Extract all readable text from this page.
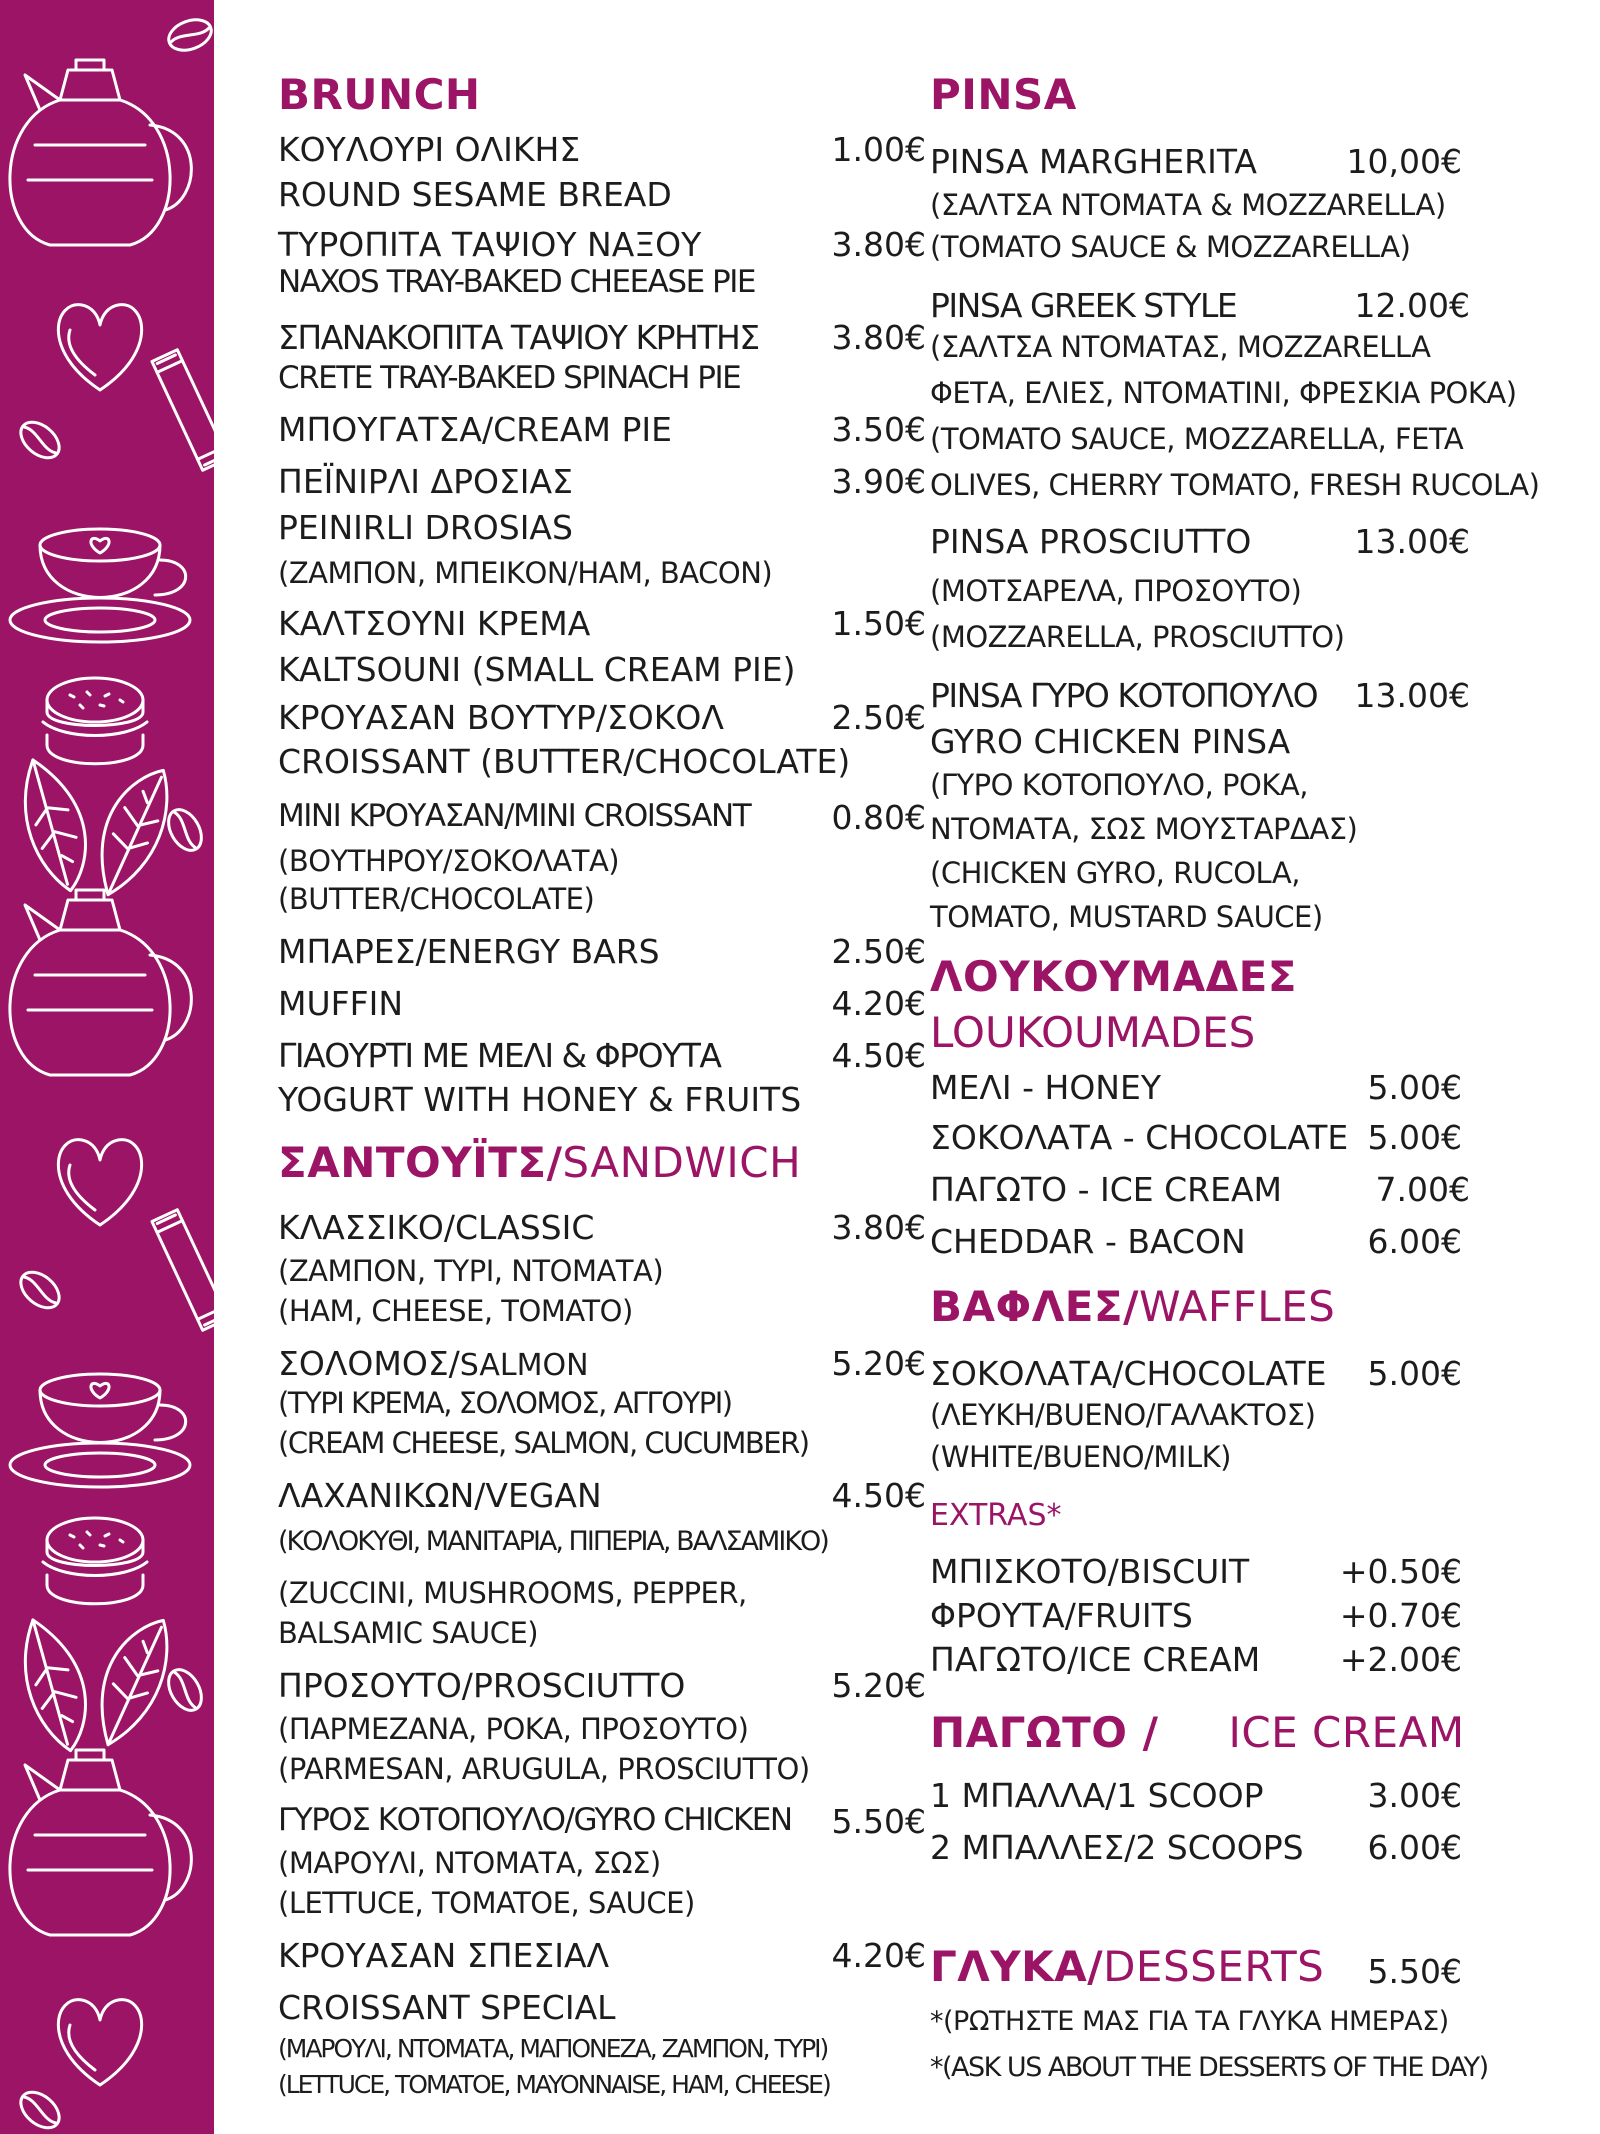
BRUNCH
ΚΟΥΛΟΥΡΙ ΟΛΙΚΗΣ	1.00€
ROUND SESAME BREAD
ΤΥΡΟΠΙΤΑ ΤΑΨΙΟΥ ΝΑΞΟΥ	3.80€
NAXOS TRAY-BAKED CHEEASE PIE
ΣΠΑΝΑΚΟΠΙΤΑ ΤΑΨΙΟΥ ΚΡΗΤΗΣ 3.80€
CRETE TRAY-BAKED SPINACH PIE
ΜΠΟΥΓΑΤΣΑ/CREAM PIE	3.50€
ΠΕΪΝΙΡΛΙ ΔΡΟΣΙΑΣ	3.90€
PEINIRLI DROSIAS
(ΖΑΜΠΟΝ, ΜΠΕΙΚΟΝ/HAM, BACON)
ΚΑΛΤΣΟΥΝΙ ΚΡΕΜΑ	1.50€
KALTSOUNI (SMALL CREAM PIE)
ΚΡΟΥΑΣΑΝ ΒΟΥΤΥΡ/ΣΟΚΟΛ	2.50€
CROISSANT (BUTTER/CHOCOLATE)
ΜΙΝΙ ΚΡΟΥΑΣΑΝ/MINI CROISSANT 0.80€
(ΒΟΥΤΗΡΟΥ/ΣΟΚΟΛΑΤΑ)
(BUTTER/CHOCOLATE)
ΜΠΑΡΕΣ/ENERGY BARS	2.50€
MUFFIN	4.20€
ΓΙΑΟΥΡΤΙ ΜΕ ΜΕΛΙ & ΦΡΟΥΤΑ	4.50€
YOGURT WITH HONEY & FRUITS
ΣΑΝΤΟΥΪΤΣ/SANDWICH
ΚΛΑΣΣΙΚΟ/CLASSIC	3.80€
(ΖΑΜΠΟΝ, ΤΥΡΙ, ΝΤΟΜΑΤΑ)
(HAM, CHEESE, TOMATO)
ΣΟΛΟΜΟΣ/SALMON	5.20€
(ΤΥΡΙ ΚΡΕΜΑ, ΣΟΛΟΜΟΣ, ΑΓΓΟΥΡΙ)
(CREAM CHEESE, SALMON, CUCUMBER)
ΛΑΧΑΝΙΚΩΝ/VEGAN	4.50€
(ΚΟΛΟΚΥΘΙ, ΜΑΝΙΤΑΡΙΑ, ΠΙΠΕΡΙΑ, ΒΑΛΣΑΜΙΚΟ)
(ZUCCINI, MUSHROOMS, PEPPER,
BALSAMIC SAUCE)
ΠΡΟΣΟΥΤΟ/PROSCIUTTO	5.20€
(ΠΑΡΜΕΖΑΝΑ, ΡΟΚΑ, ΠΡΟΣΟΥΤΟ)
(PARMESAN, ARUGULA, PROSCIUTTO)
ΓΥΡΟΣ ΚΟΤΟΠΟΥΛΟ/GYRO CHICKEN 5.50€
(ΜΑΡΟΥΛΙ, ΝΤΟΜΑΤΑ, ΣΩΣ)
(LETTUCE, TOMATOE, SAUCE)
ΚΡΟΥΑΣΑΝ ΣΠΕΣΙΑΛ	4.20€
CROISSANT SPECIAL
(ΜΑΡΟΥΛΙ, ΝΤΟΜΑΤΑ, ΜΑΓΙΟΝΕΖΑ, ΖΑΜΠΟΝ, ΤΥΡΙ)
(LETTUCE, TOMATOE, MAYONNAISE, HAM, CHEESE)
PINSA
PINSA MARGHERITA	10,00€
(ΣΑΛΤΣΑ ΝΤΟΜΑΤΑ & MOZZARELLA)
(TOMATO SAUCE & MOZZARELLA)
PINSA GREEK STYLE	12.00€
(ΣΑΛΤΣΑ ΝΤΟΜΑΤΑΣ, MOZZARELLA
ΦΕΤΑ, ΕΛΙΕΣ, ΝΤΟΜΑΤΙΝΙ, ΦΡΕΣΚΙΑ ΡΟΚΑ)
(TOMATO SAUCE, MOZZARELLA, FETA
OLIVES, CHERRY TOMATO, FRESH RUCOLA)
PINSA PROSCIUTTO	13.00€
(ΜΟΤΣΑΡΕΛΑ, ΠΡΟΣΟΥΤΟ)
(MOZZARELLA, PROSCIUTTO)
PINSA ΓΥΡΟ ΚΟΤΟΠΟΥΛΟ 13.00€
GYRO CHICKEN PINSA
(ΓΥΡΟ ΚΟΤΟΠΟΥΛΟ, ΡΟΚΑ,
ΝΤΟΜΑΤΑ, ΣΩΣ ΜΟΥΣΤΑΡΔΑΣ)
(CHICKEN GYRO, RUCOLA,
TOMATO, MUSTARD SAUCE)
ΛΟΥΚΟΥΜΑΔΕΣ
LOUKOUMADES
ΜΕΛΙ - HONEY	5.00€
ΣΟΚΟΛΑΤΑ - CHOCOLATE 5.00€
ΠΑΓΩΤΟ - ICE CREAM	7.00€
CHEDDAR - BACON	6.00€
ΒΑΦΛΕΣ/WAFFLES
ΣΟΚΟΛΑΤΑ/CHOCOLATE 5.00€
(ΛΕΥΚΗ/BUENO/ΓΑΛΑΚΤΟΣ)
(WHITE/BUENO/MILK)
EXTRAS*
ΜΠΙΣΚΟΤΟ/BISCUIT	+0.50€
ΦΡΟΥΤΑ/FRUITS	+0.70€
ΠΑΓΩΤΟ/ICE CREAM +2.00€
ΠΑΓΩΤΟ / ICE CREAM
1 ΜΠΑΛΛΑ/1 SCOOP	3.00€
2 ΜΠΑΛΛΕΣ/2 SCOOPS 6.00€
ΓΛΥΚΑ/DESSERTS 5.50€
*(ΡΩΤΗΣΤΕ ΜΑΣ ΓΙΑ ΤΑ ΓΛΥΚΑ ΗΜΕΡΑΣ)
*(ASK US ABOUT THE DESSERTS OF THE DAY)
